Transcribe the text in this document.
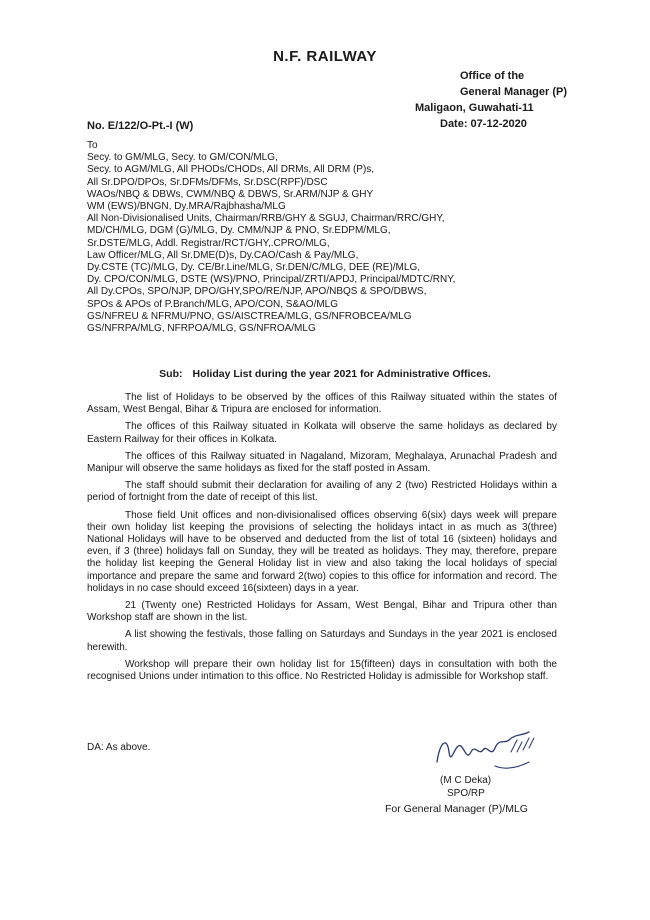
N.F. RAILWAY
Office of the
General Manager (P)
Maligaon, Guwahati-11
Date: 07-12-2020
No. E/122/O-Pt.-I (W)
To
Secy. to GM/MLG, Secy. to GM/CON/MLG,
Secy. to AGM/MLG, All PHODs/CHODs, All DRMs, All DRM (P)s,
All Sr.DPO/DPOs, Sr.DFMs/DFMs, Sr.DSC(RPF)/DSC
WAOs/NBQ & DBWs, CWM/NBQ & DBWS, Sr.ARM/NJP & GHY
WM (EWS)/BNGN, Dy.MRA/Rajbhasha/MLG
All Non-Divisionalised Units, Chairman/RRB/GHY & SGUJ, Chairman/RRC/GHY,
MD/CH/MLG, DGM (G)/MLG, Dy. CMM/NJP & PNO, Sr.EDPM/MLG,
Sr.DSTE/MLG, Addl. Registrar/RCT/GHY,.CPRO/MLG,
Law Officer/MLG, All Sr.DME(D)s, Dy.CAO/Cash & Pay/MLG,
Dy.CSTE (TC)/MLG, Dy. CE/Br.Line/MLG, Sr.DEN/C/MLG, DEE (RE)/MLG,
Dy. CPO/CON/MLG, DSTE (WS)/PNO, Principal/ZRTI/APDJ, Principal/MDTC/RNY,
All Dy.CPOs, SPO/NJP, DPO/GHY,SPO/RE/NJP, APO/NBQS & SPO/DBWS,
SPOs & APOs of P.Branch/MLG, APO/CON, S&AO/MLG
GS/NFREU & NFRMU/PNO, GS/AISCTREA/MLG, GS/NFROBCEA/MLG
GS/NFRPA/MLG, NFRPOA/MLG, GS/NFROA/MLG
Sub: Holiday List during the year 2021 for Administrative Offices.

The list of Holidays to be observed by the offices of this Railway situated within the states of Assam, West Bengal, Bihar & Tripura are enclosed for information.

The offices of this Railway situated in Kolkata will observe the same holidays as declared by Eastern Railway for their offices in Kolkata.

The offices of this Railway situated in Nagaland, Mizoram, Meghalaya, Arunachal Pradesh and Manipur will observe the same holidays as fixed for the staff posted in Assam.

The staff should submit their declaration for availing of any 2 (two) Restricted Holidays within a period of fortnight from the date of receipt of this list.

Those field Unit offices and non-divisionalised offices observing 6(six) days week will prepare their own holiday list keeping the provisions of selecting the holidays intact in as much as 3(three) National Holidays will have to be observed and deducted from the list of total 16 (sixteen) holidays and even, if 3 (three) holidays fall on Sunday, they will be treated as holidays. They may, therefore, prepare the holiday list keeping the General Holiday list in view and also taking the local holidays of special importance and prepare the same and forward 2(two) copies to this office for information and record. The holidays in no case should exceed 16(sixteen) days in a year.

21 (Twenty one) Restricted Holidays for Assam, West Bengal, Bihar and Tripura other than Workshop staff are shown in the list.

A list showing the festivals, those falling on Saturdays and Sundays in the year 2021 is enclosed herewith.

Workshop will prepare their own holiday list for 15(fifteen) days in consultation with both the recognised Unions under intimation to this office. No Restricted Holiday is admissible for Workshop staff.

DA: As above.
(M C Deka)
SPO/RP
For General Manager (P)/MLG
